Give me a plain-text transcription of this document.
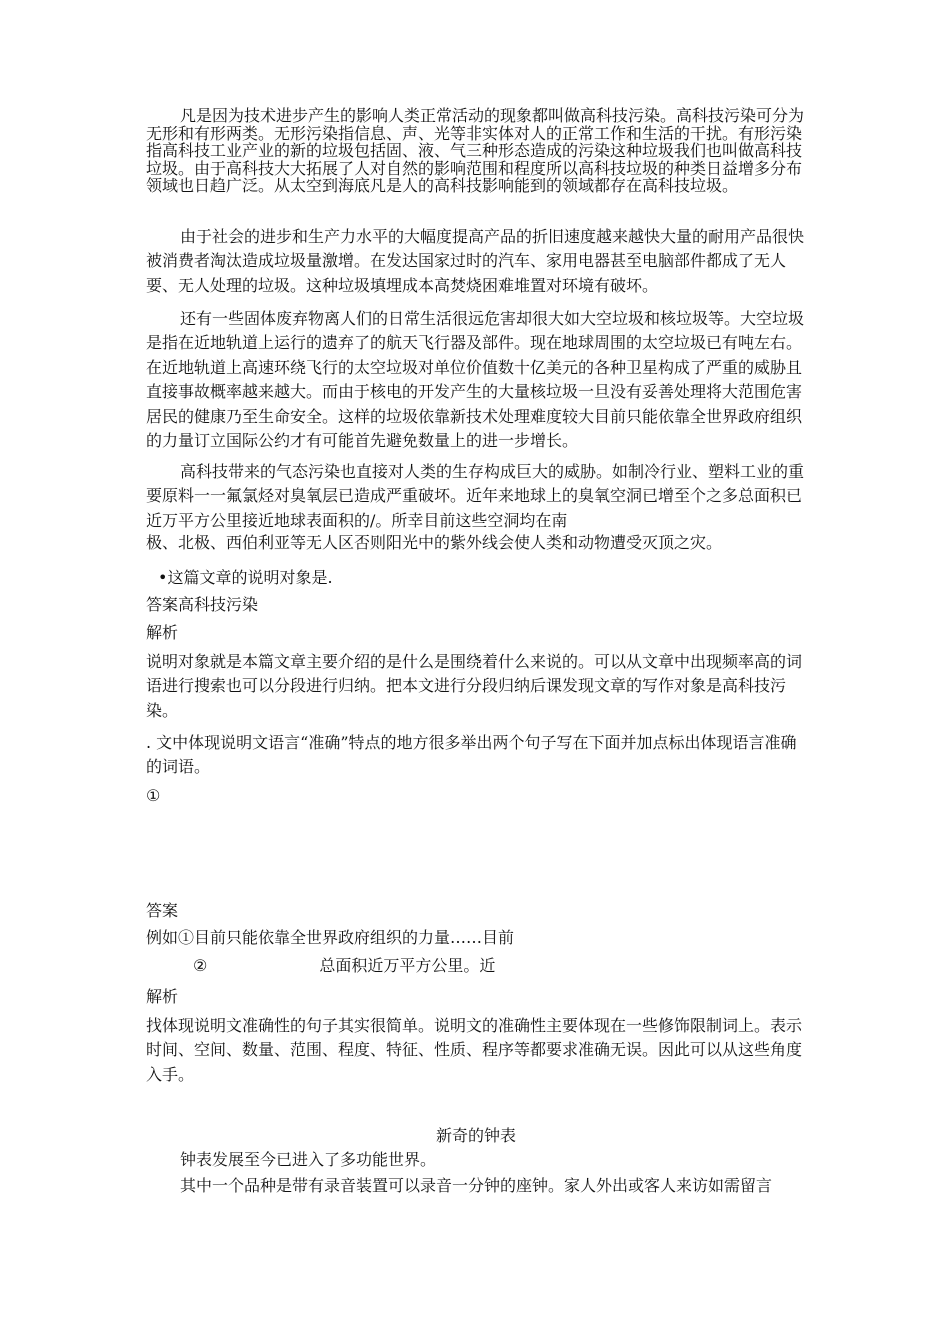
凡是因为技术进步产生的影响人类正常活动的现象都叫做高科技污染。高科技污染可分为无形和有形两类。无形污染指信息、声、光等非实体对人的正常工作和生活的干扰。有形污染指高科技工业产业的新的垃圾包括固、液、气三种形态造成的污染这种垃圾我们也叫做高科技垃圾。由于高科技大大拓展了人对自然的影响范围和程度所以高科技垃圾的种类日益增多分布领域也日趋广泛。从太空到海底凡是人的高科技影响能到的领域都存在高科技垃圾。

由于社会的进步和生产力水平的大幅度提高产品的折旧速度越来越快大量的耐用产品很快被消费者淘汰造成垃圾量激增。在发达国家过时的汽车、家用电器甚至电脑部件都成了无人要、无人处理的垃圾。这种垃圾填埋成本高焚烧困难堆置对环境有破坏。

还有一些固体废弃物离人们的日常生活很远危害却很大如大空垃圾和核垃圾等。大空垃圾是指在近地轨道上运行的遗弃了的航天飞行器及部件。现在地球周围的太空垃圾已有吨左右。在近地轨道上高速环绕飞行的太空垃圾对单位价值数十亿美元的各种卫星构成了严重的威胁且直接事故概率越来越大。而由于核电的开发产生的大量核垃圾一旦没有妥善处理将大范围危害居民的健康乃至生命安全。这样的垃圾依靠新技术处理难度较大目前只能依靠全世界政府组织的力量订立国际公约才有可能首先避免数量上的进一步增长。

高科技带来的气态污染也直接对人类的生存构成巨大的威胁。如制冷行业、塑料工业的重要原料一一氟氯烃对臭氧层已造成严重破坏。近年来地球上的臭氧空洞已增至个之多总面积已近万平方公里接近地球表面积的/。所幸目前这些空洞均在南

极、北极、西伯利亚等无人区否则阳光中的紫外线会使人类和动物遭受灭顶之灾。

•这篇文章的说明对象是.

答案高科技污染

解析

说明对象就是本篇文章主要介绍的是什么是围绕着什么来说的。可以从文章中出现频率高的词语进行搜索也可以分段进行归纳。把本文进行分段归纳后课发现文章的写作对象是高科技污染。

. 文中体现说明文语言“准确”特点的地方很多举出两个句子写在下面并加点标出体现语言准确的词语。

①

答案

例如①目前只能依靠全世界政府组织的力量……目前

②	总面积近万平方公里。近

解析

找体现说明文准确性的句子其实很简单。说明文的准确性主要体现在一些修饰限制词上。表示时间、空间、数量、范围、程度、特征、性质、程序等都要求准确无误。因此可以从这些角度入手。

新奇的钟表

钟表发展至今已进入了多功能世界。

其中一个品种是带有录音装置可以录音一分钟的座钟。家人外出或客人来访如需留言
